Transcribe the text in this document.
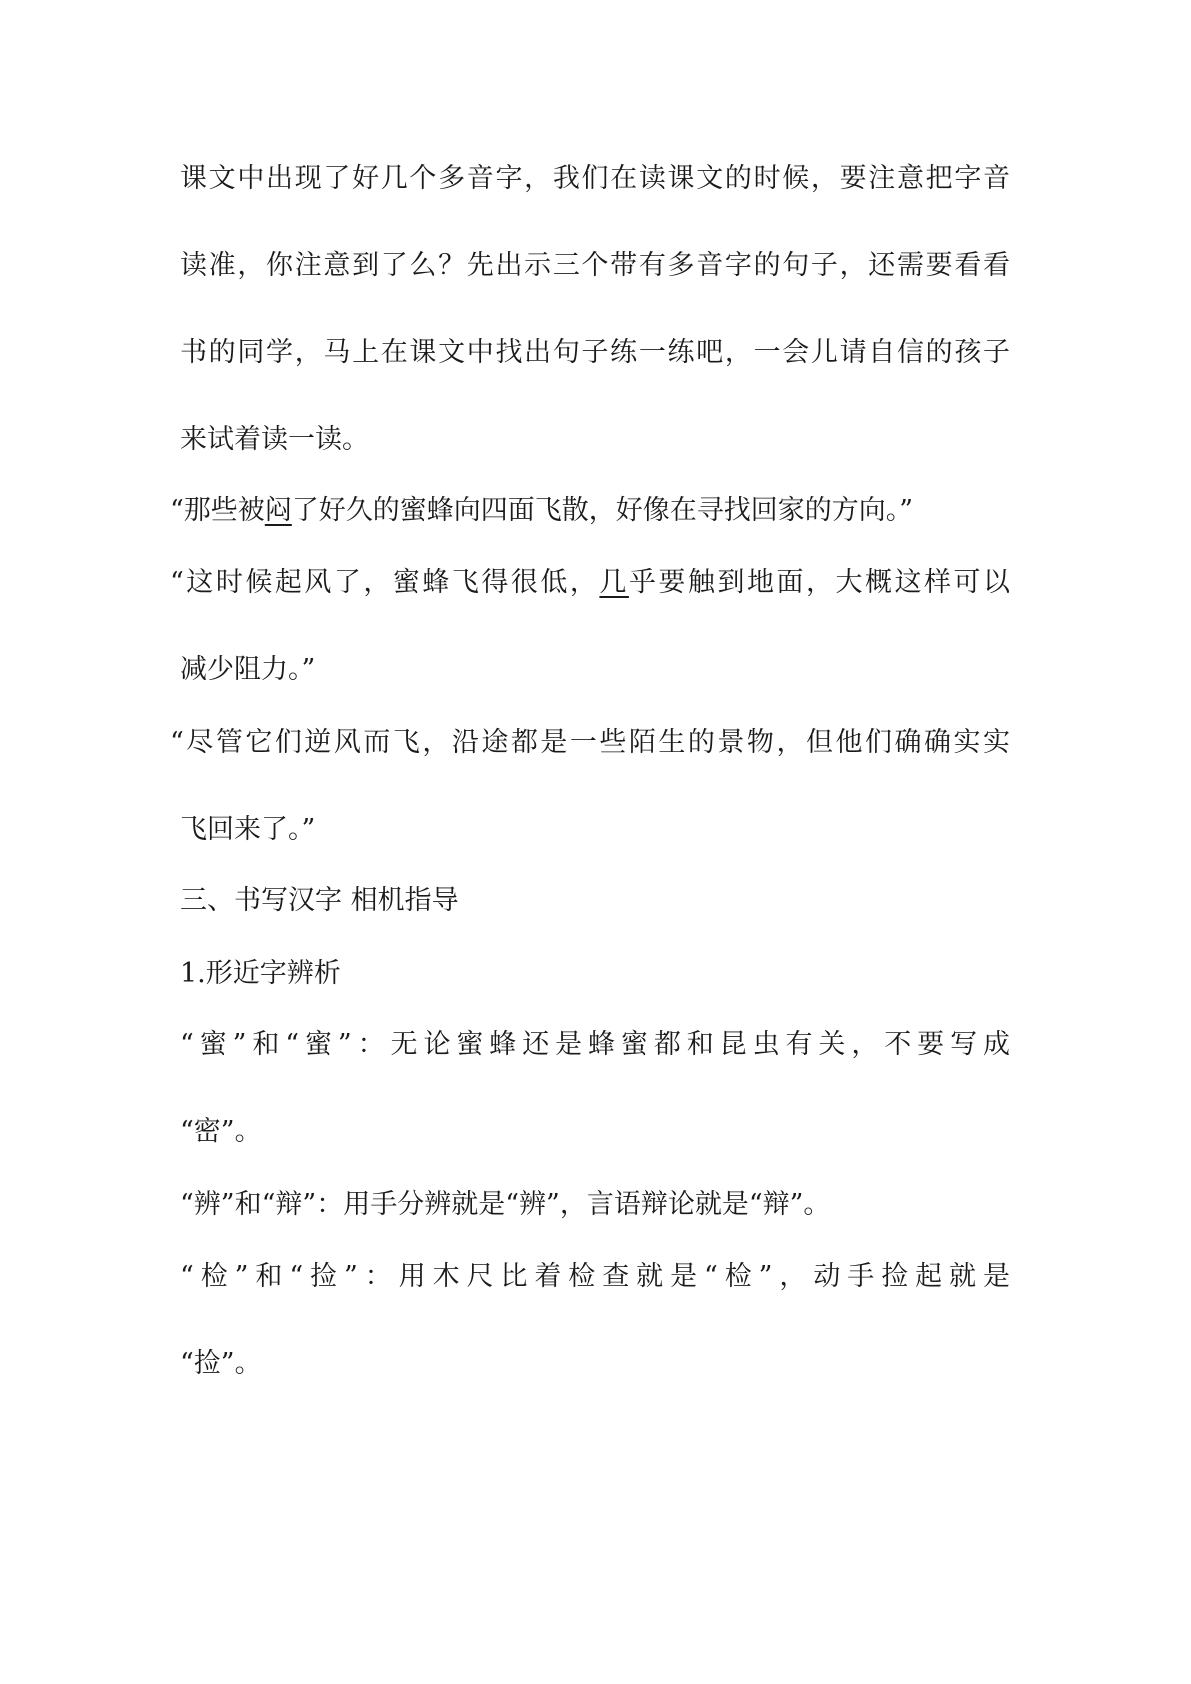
课文中出现了好几个多音字，我们在读课文的时候，要注意把字音
读准，你注意到了么？先出示三个带有多音字的句子，还需要看看
书的同学，马上在课文中找出句子练一练吧，一会儿请自信的孩子
来试着读一读。
“那些被闷了好久的蜜蜂向四面飞散，好像在寻找回家的方向。”
“这时候起风了，蜜蜂飞得很低，几乎要触到地面，大概这样可以
减少阻力。”
“尽管它们逆风而飞，沿途都是一些陌生的景物，但他们确确实实
飞回来了。”
三、书写汉字 相机指导
1.形近字辨析
“蜜”和“蜜”：无论蜜蜂还是蜂蜜都和昆虫有关，不要写成
“密”。
“辨”和“辩”：用手分辨就是“辨”，言语辩论就是“辩”。
“检”和“捡”：用木尺比着检查就是“检”，动手捡起就是
“捡”。
